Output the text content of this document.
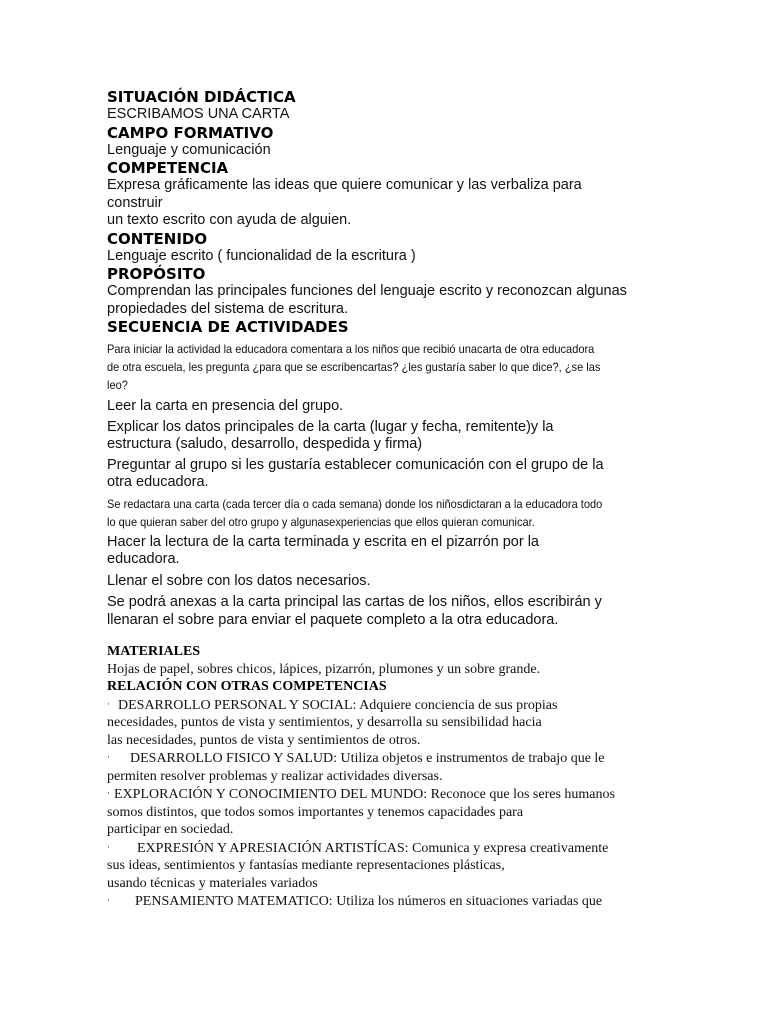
SITUACIÓN DIDÁCTICA
ESCRIBAMOS UNA CARTA
CAMPO FORMATIVO
Lenguaje y comunicación
COMPETENCIA
Expresa gráficamente las ideas que quiere comunicar y las verbaliza para
construir
un texto escrito con ayuda de alguien.
CONTENIDO
Lenguaje escrito ( funcionalidad de la escritura )
PROPÓSITO
Comprendan las principales funciones del lenguaje escrito y reconozcan algunas
propiedades del sistema de escritura.
SECUENCIA DE ACTIVIDADES
Para iniciar la actividad la educadora comentara a los niños que recibió unacarta de otra educadora
de otra escuela, les pregunta ¿para que se escribencartas? ¿les gustaría saber lo que dice?, ¿se las
leo?
Leer la carta en presencia del grupo.
Explicar los datos principales de la carta (lugar y fecha, remitente)y la
estructura (saludo, desarrollo, despedida y firma)
Preguntar al grupo si les gustaría establecer comunicación con el grupo de la
otra educadora.
Se redactara una carta (cada tercer día o cada semana) donde los niñosdictaran a la educadora todo
lo que quieran saber del otro grupo y algunasexperiencias que ellos quieran comunicar.
Hacer la lectura de la carta terminada y escrita en el pizarrón por la
educadora.
Llenar el sobre con los datos necesarios.
Se podrá anexas a la carta principal las cartas de los niños, ellos escribirán y
llenaran el sobre para enviar el paquete completo a la otra educadora.
MATERIALES
Hojas de papel, sobres chicos, lápices, pizarrón, plumones y un sobre grande.
RELACIÓN CON OTRAS COMPETENCIAS
· DESARROLLO PERSONAL Y SOCIAL: Adquiere conciencia de sus propias
necesidades, puntos de vista y sentimientos, y desarrolla su sensibilidad hacia
las necesidades, puntos de vista y sentimientos de otros.
· DESARROLLO FISICO Y SALUD: Utiliza objetos e instrumentos de trabajo que le
permiten resolver problemas y realizar actividades diversas.
· EXPLORACIÓN Y CONOCIMIENTO DEL MUNDO: Reconoce que los seres humanos
somos distintos, que todos somos importantes y tenemos capacidades para
participar en sociedad.
· EXPRESIÓN Y APRESIACIÓN ARTISTÍCAS: Comunica y expresa creativamente
sus ideas, sentimientos y fantasías mediante representaciones plásticas,
usando técnicas y materiales variados
· PENSAMIENTO MATEMATICO: Utiliza los números en situaciones variadas que
